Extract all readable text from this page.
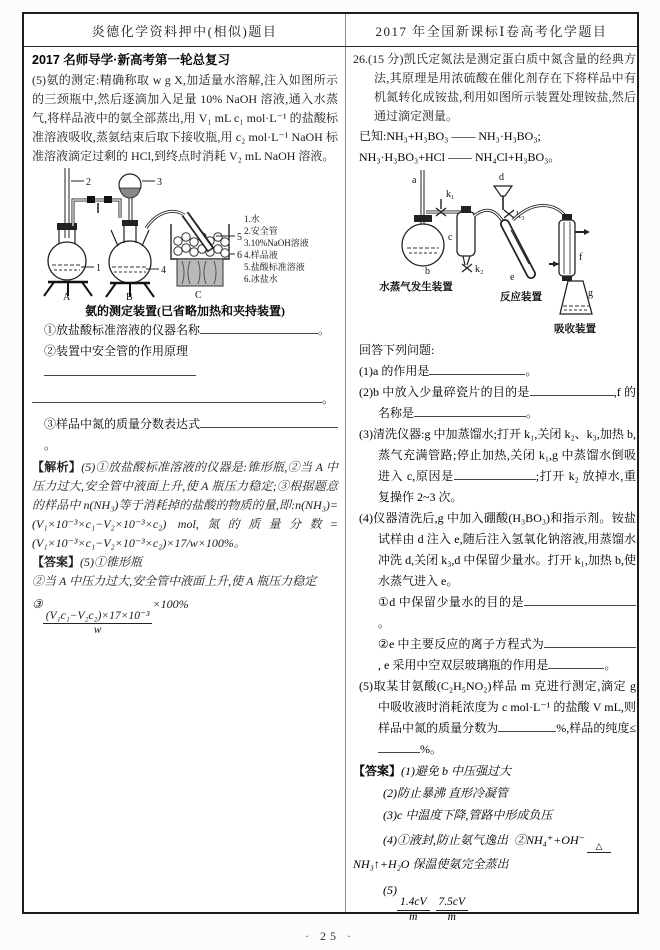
炎德化学资料押中(相似)题目	2017 年全国新课标Ⅰ卷高考化学题目
2017 名师导学·新高考第一轮总复习
(5)氨的测定:精确称取 w g X,加适量水溶解,注入如图所示的三颈瓶中,然后逐滴加入足量 10% NaOH 溶液,通入水蒸气,将样品液中的氨全部蒸出,用 V₁ mL c₁ mol·L⁻¹ 的盐酸标准溶液吸收,蒸氨结束后取下接收瓶,用 c₂ mol·L⁻¹ NaOH 标准溶液滴定过剩的 HCl,到终点时消耗 V₂ mL NaOH 溶液。
2
1
A
4
3
B
5
6
C
1.水
2.安全管
3.10%NaOH溶液
4.样品液
5.盐酸标准溶液
6.冰盐水
氨的测定装置(已省略加热和夹持装置)
①放盐酸标准溶液的仪器名称	。
②装置中安全管的作用原理
。
③样品中氮的质量分数表达式。
【解析】(5)①放盐酸标准溶液的仪器是:锥形瓶,②当 A 中压力过大,安全管中液面上升,使 A 瓶压力稳定;③根据题意的样品中 n(NH₃)等于消耗掉的盐酸的物质的量,即:n(NH₃)=(V₁×10⁻³×c₁−V₂×10⁻³×c₂) mol,氮的质量分数=(V₁×10⁻³×c₁−V₂×10⁻³×c₂)×17/w×100%。
【答案】(5)①锥形瓶
②当 A 中压力过大,安全管中液面上升,使 A 瓶压力稳定
③
$\frac{\text{(V₁c₁−V₂c₂)×17×10⁻³}}{w}$
×100%
26.(15 分)凯氏定氮法是测定蛋白质中氮含量的经典方法,其原理是用浓硫酸在催化剂存在下将样品中有机氮转化成铵盐,利用如图所示装置处理铵盐,然后通过滴定测量。
已知:NH₃+H₃BO₃ —— NH₃·H₃BO₃;
NH₃·H₃BO₃+HCl —— NH₄Cl+H₃BO₃。
a
k₁
b
水蒸气发生装置
c
k₂
d
k₃
e
反应装置
f
g
吸收装置
回答下列问题:
(1)a 的作用是	。
(2)b 中放入少量碎瓷片的目的是	,f 的 名称是	。
(3)清洗仪器:g 中加蒸馏水;打开 k₁,关闭 k₂、k₃,加热 b,蒸气充满管路;停止加热,关闭 k₁,g 中蒸馏水倒吸进入 c,原因是	;打开 k₂ 放掉水,重复操作 2~3 次。
(4)仪器清洗后,g 中加入硼酸(H₃BO₃)和指示剂。铵盐试样由 d 注入 e,随后注入氢氧化钠溶液,用蒸馏水冲洗 d,关闭 k₃,d 中保留少量水。打开 k₁,加热 b,使水蒸气进入 e。
①d 中保留少量水的目的是。
②e 中主要反应的离子方程式为, e 采用中空双层玻璃瓶的作用是	。
(5)取某甘氨酸(C₂H₅NO₂)样品 m 克进行测定,滴定 g 中吸收液时消耗浓度为 c mol·L⁻¹ 的盐酸 V mL,则样品中氮的质量分数为	%,样品的纯度≤%。
【答案】(1)避免 b 中压强过大
(2)防止暴沸 直形冷凝管
(3)c 中温度下降,管路中形成负压
(4)①液封,防止氨气逸出 ②NH₄⁺+OH⁻ △
NH₃↑+H₂O 保温使氨完全蒸出
(5)
$\frac{1.4cV}{m}$
$\frac{7.5cV}{m}$
· 25 ·
